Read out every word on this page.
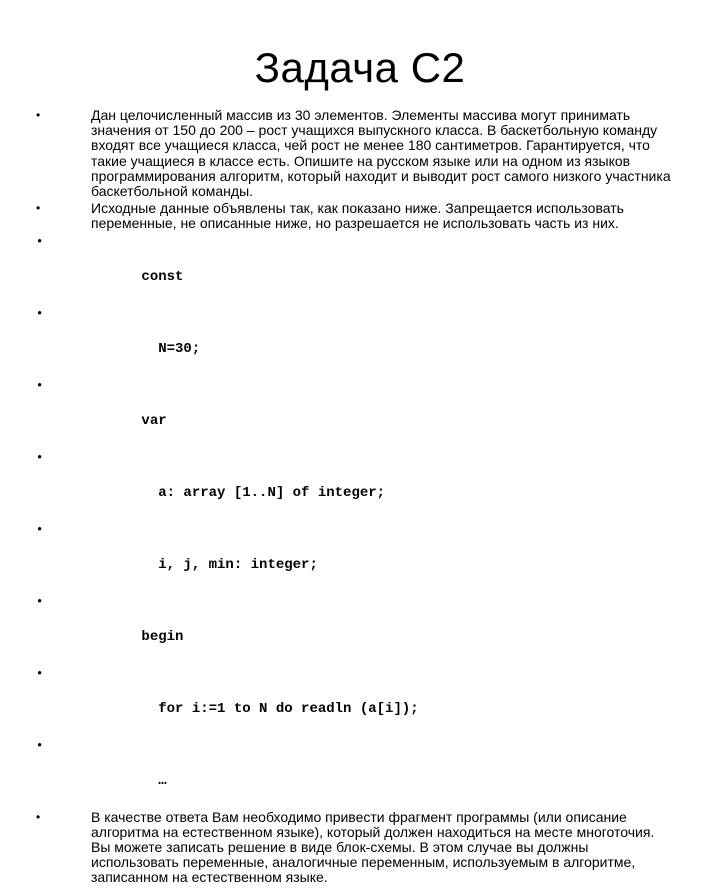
Задача С2
•	Дан целочисленный массив из 30 элементов. Элементы массива могут принимать значения от 150 до 200 – рост учащихся выпускного класса. В баскетбольную команду входят все учащиеся класса, чей рост не менее 180 сантиметров. Гарантируется, что такие учащиеся в классе есть. Опишите на русском языке или на одном из языков программирования алгоритм, который находит и выводит рост самого низкого участника баскетбольной команды.
•	Исходные данные объявлены так, как показано ниже. Запрещается использовать переменные, не описанные ниже, но разрешается не использовать часть из них.

•

const

•

N=30;

•

var

•

a: array [1..N] of integer;

•

i, j, min: integer;

•

begin

•

for i:=1 to N do readln (a[i]);

•

…

•	В качестве ответа Вам необходимо привести фрагмент программы (или описание алгоритма на естественном языке), который должен находиться на месте многоточия. Вы можете записать решение в виде блок-схемы. В этом случае вы должны использовать переменные, аналогичные переменным, используемым в алгоритме, записанном на естественном языке.
